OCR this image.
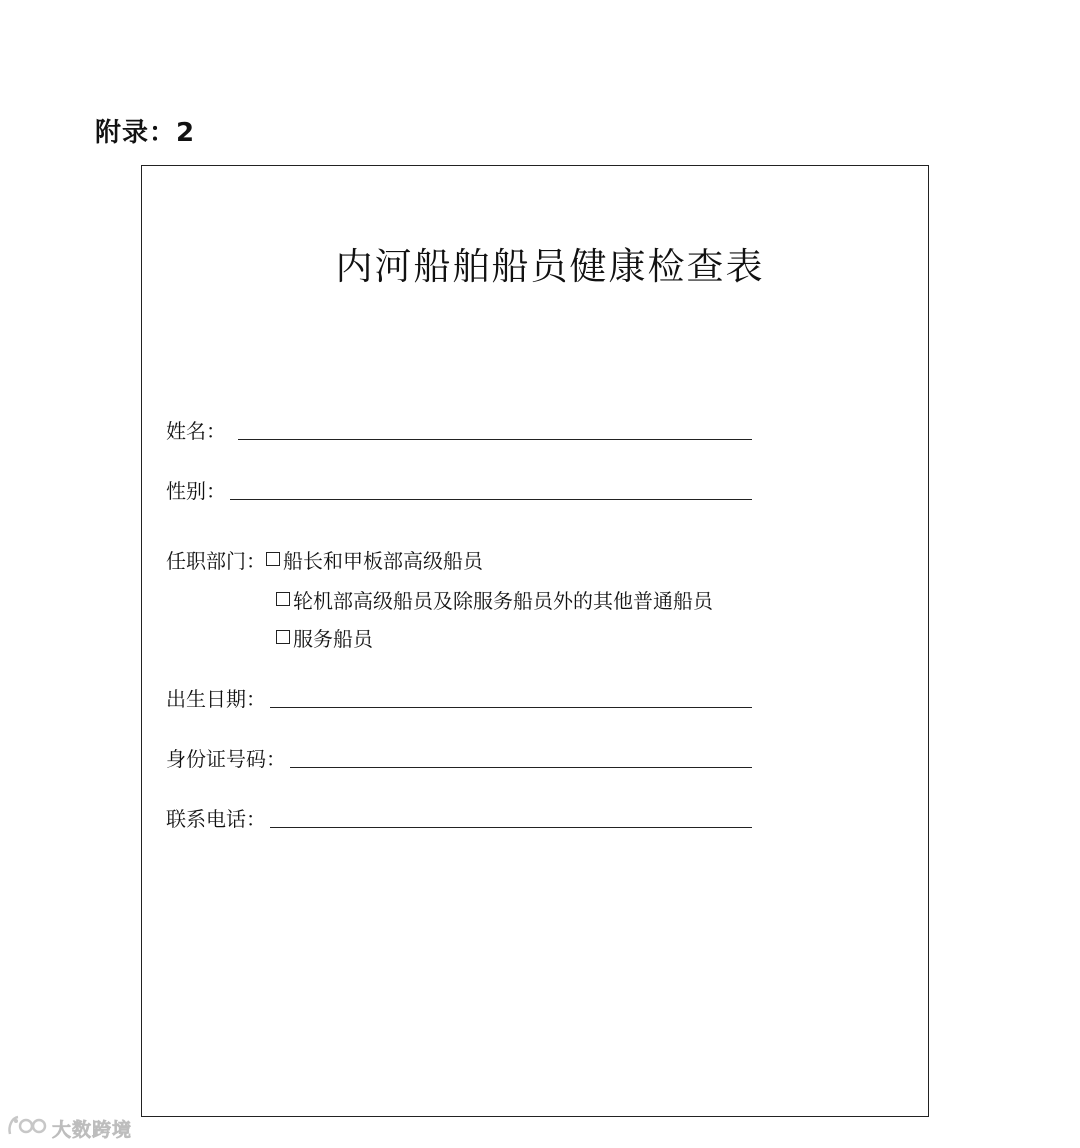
附录：2
内河船舶船员健康检查表
姓名：
性别：
任职部门： 船长和甲板部高级船员
轮机部高级船员及除服务船员外的其他普通船员
服务船员
出生日期：
身份证号码：
联系电话：
大数跨境
